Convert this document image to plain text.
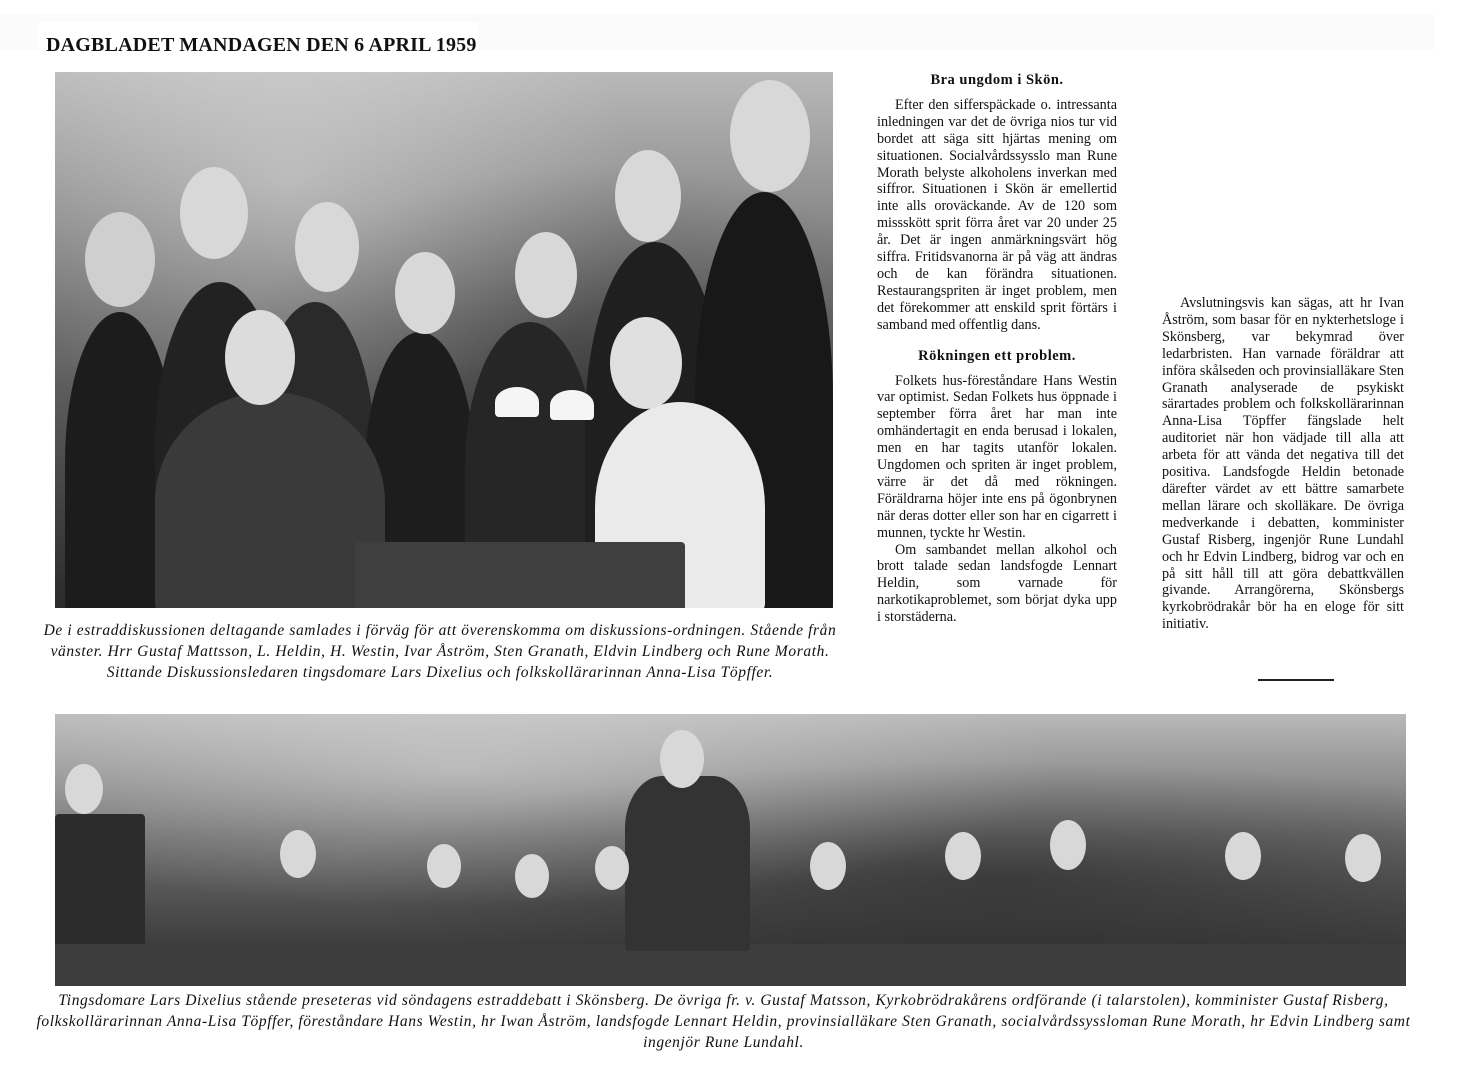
DAGBLADET MANDAGEN DEN 6 APRIL 1959
De i estraddiskussionen deltagande samlades i förväg för att överenskomma om diskussions-ordningen. Stående från vänster. Hrr Gustaf Mattsson, L. Heldin, H. Westin, Ivar Åström, Sten Granath, Eldvin Lindberg och Rune Morath. Sittande Diskussionsledaren tingsdomare Lars Dixelius och folkskollärarinnan Anna-Lisa Töpffer.
Bra ungdom i Skön.

Efter den sifferspäckade o. intressanta inledningen var det de övriga nios tur vid bordet att säga sitt hjärtas mening om situationen. Socialvårdssysslo man Rune Morath belyste alkoholens inverkan med siffror. Situationen i Skön är emellertid inte alls oroväckande. Av de 120 som missskött sprit förra året var 20 under 25 år. Det är ingen anmärkningsvärt hög siffra. Fritidsvanorna är på väg att ändras och de kan förändra situationen. Restaurangspriten är inget problem, men det förekommer att enskild sprit förtärs i samband med offentlig dans.

Rökningen ett problem.

Folkets hus-föreståndare Hans Westin var optimist. Sedan Folkets hus öppnade i september förra året har man inte omhändertagit en enda berusad i lokalen, men en har tagits utanför lokalen. Ungdomen och spriten är inget problem, värre är det då med rökningen. Föräldrarna höjer inte ens på ögonbrynen när deras dotter eller son har en cigarrett i munnen, tyckte hr Westin.

Om sambandet mellan alkohol och brott talade sedan landsfogde Lennart Heldin, som varnade för narkotikaproblemet, som börjat dyka upp i storstäderna.

Avslutningsvis kan sägas, att hr Ivan Åström, som basar för en nykterhetsloge i Skönsberg, var bekymrad över ledarbristen. Han varnade föräldrar att införa skålseden och provinsialläkare Sten Granath analyserade de psykiskt särartades problem och folkskollärarinnan Anna-Lisa Töpffer fängslade helt auditoriet när hon vädjade till alla att arbeta för att vända det negativa till det positiva. Landsfogde Heldin betonade därefter värdet av ett bättre samarbete mellan lärare och skolläkare. De övriga medverkande i debatten, komminister Gustaf Risberg, ingenjör Rune Lundahl och hr Edvin Lindberg, bidrog var och en på sitt håll till att göra debattkvällen givande. Arrangörerna, Skönsbergs kyrkobrödrakår bör ha en eloge för sitt initiativ.

Tingsdomare Lars Dixelius stående preseteras vid söndagens estraddebatt i Skönsberg. De övriga fr. v. Gustaf Matsson, Kyrkobrödrakårens ordförande (i talarstolen), komminister Gustaf Risberg, folkskollärarinnan Anna-Lisa Töpffer, föreståndare Hans Westin, hr Iwan Åström, landsfogde Lennart Heldin, provinsialläkare Sten Granath, socialvårdssyssloman Rune Morath, hr Edvin Lindberg samt ingenjör Rune Lundahl.
